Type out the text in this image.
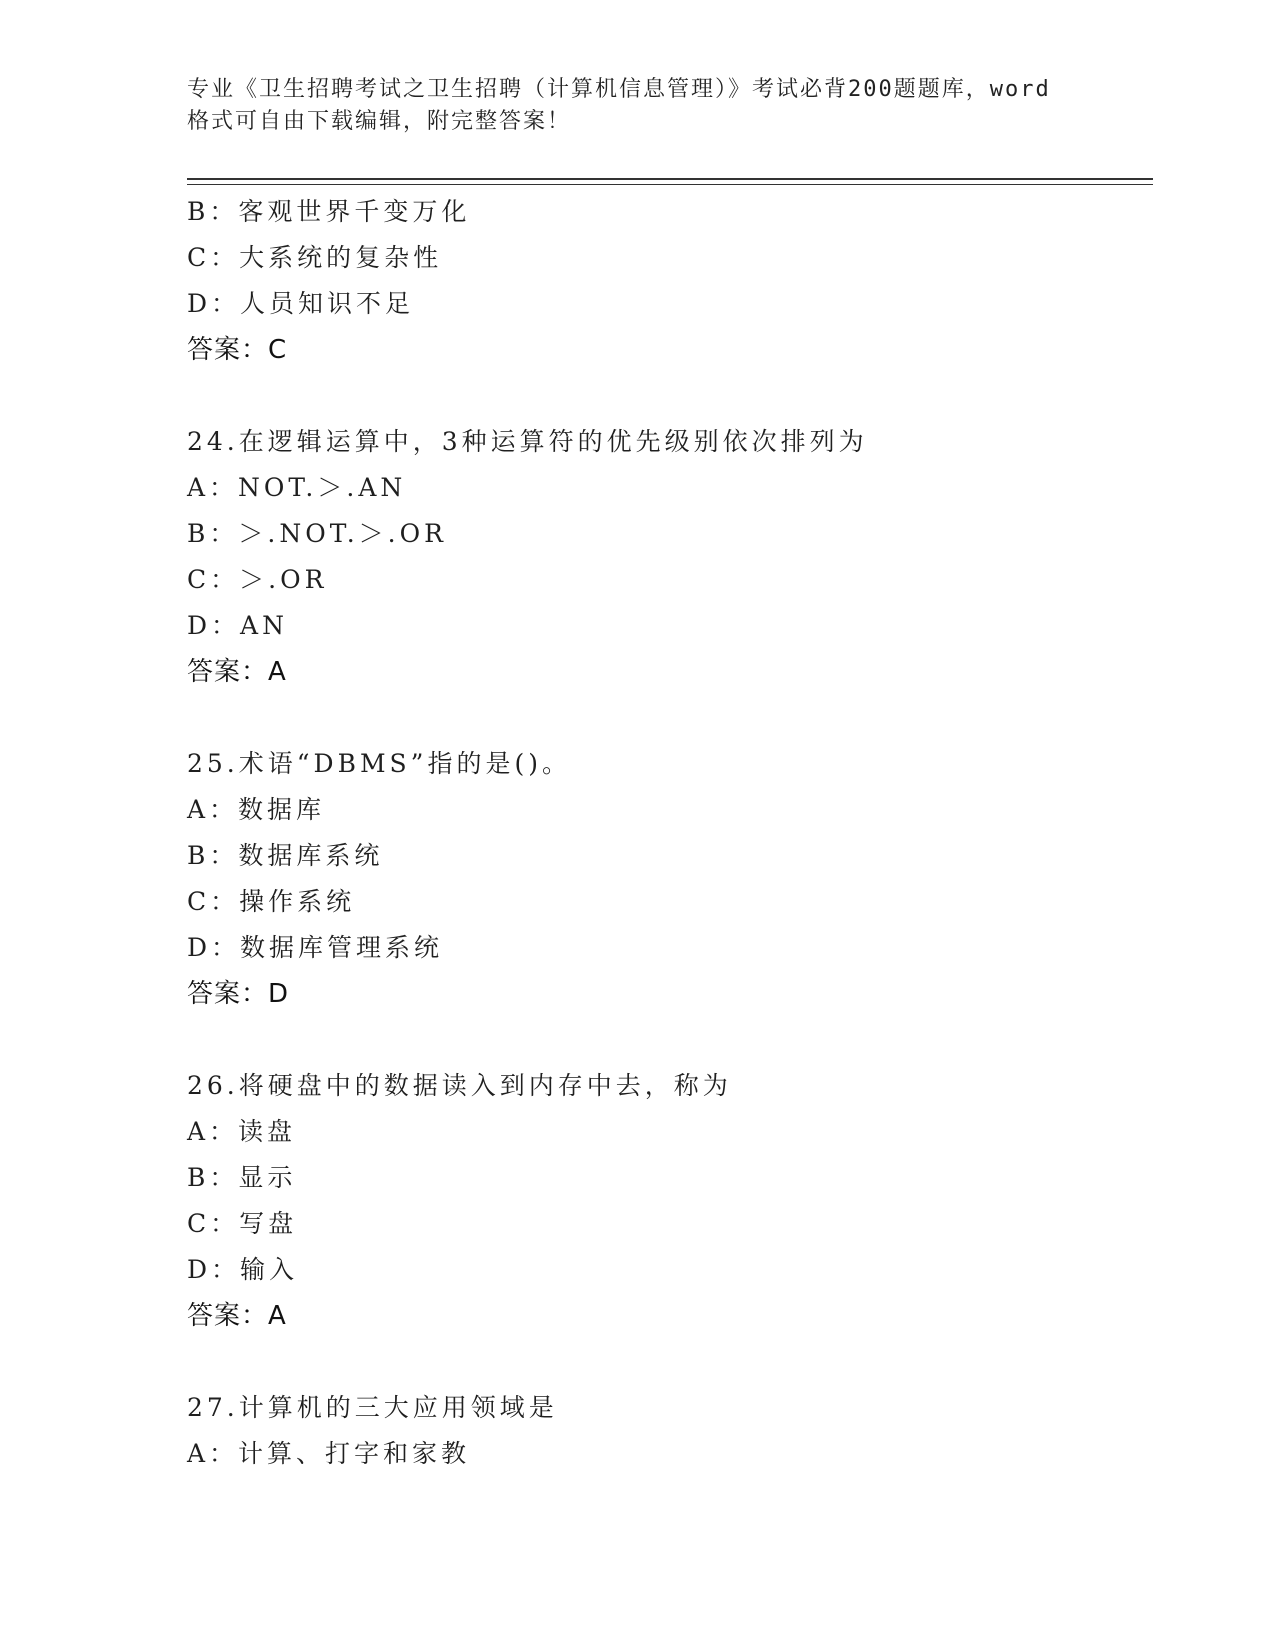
专业《卫生招聘考试之卫生招聘（计算机信息管理）》考试必背200题题库，word

格式可自由下载编辑，附完整答案！

B：客观世界千变万化
C：大系统的复杂性
D：人员知识不足
答案：C
24.在逻辑运算中，3种运算符的优先级别依次排列为
A：NOT.＞.AN
B：＞.NOT.＞.OR
C：＞.OR
D：AN
答案：A
25.术语“DBMS”指的是()。
A：数据库
B：数据库系统
C：操作系统
D：数据库管理系统
答案：D
26.将硬盘中的数据读入到内存中去，称为
A：读盘
B：显示
C：写盘
D：输入
答案：A
27.计算机的三大应用领域是
A：计算、打字和家教
